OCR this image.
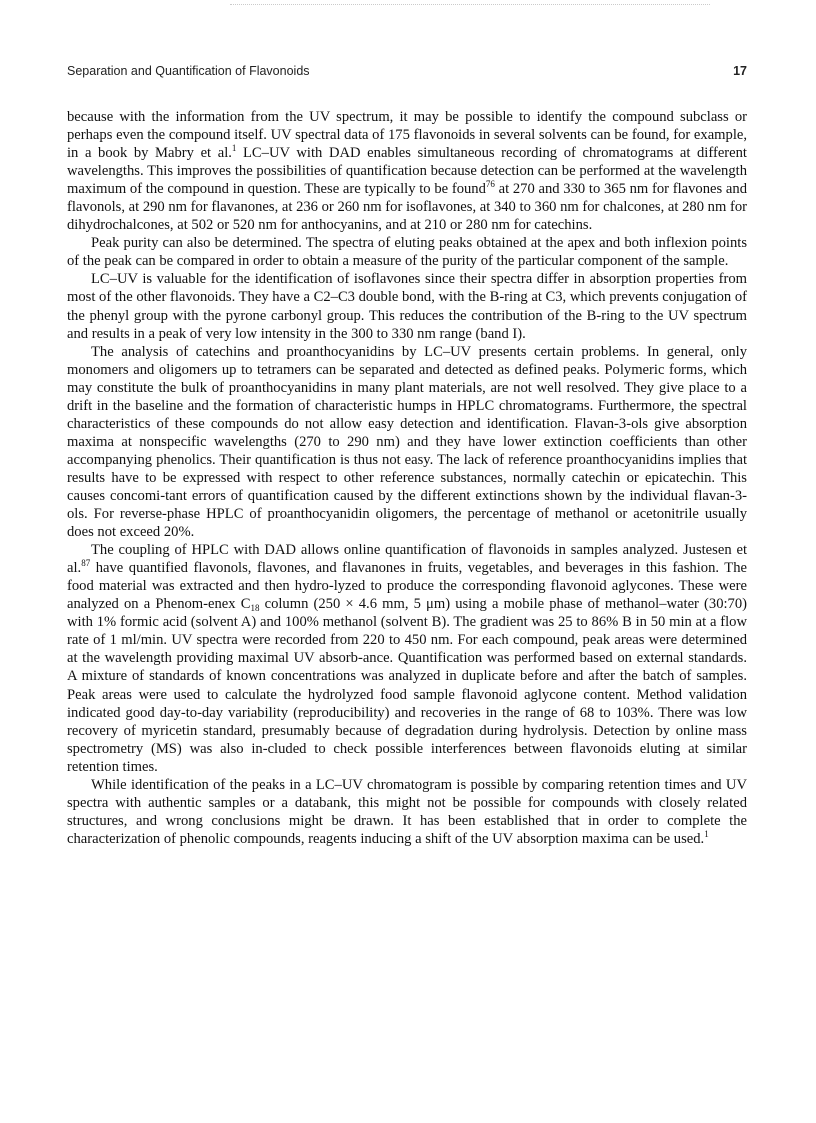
Separation and Quantification of Flavonoids	17

because with the information from the UV spectrum, it may be possible to identify the compound subclass or perhaps even the compound itself. UV spectral data of 175 flavonoids in several solvents can be found, for example, in a book by Mabry et al.$^1$ LC–UV with DAD enables simultaneous recording of chromatograms at different wavelengths. This improves the possibilities of quantification because detection can be performed at the wavelength maximum of the compound in question. These are typically to be found$^{76}$ at 270 and 330 to 365 nm for flavones and flavonols, at 290 nm for flavanones, at 236 or 260 nm for isoflavones, at 340 to 360 nm for chalcones, at 280 nm for dihydrochalcones, at 502 or 520 nm for anthocyanins, and at 210 or 280 nm for catechins.

Peak purity can also be determined. The spectra of eluting peaks obtained at the apex and both inflexion points of the peak can be compared in order to obtain a measure of the purity of the particular component of the sample.

LC–UV is valuable for the identification of isoflavones since their spectra differ in absorption properties from most of the other flavonoids. They have a C2–C3 double bond, with the B-ring at C3, which prevents conjugation of the phenyl group with the pyrone carbonyl group. This reduces the contribution of the B-ring to the UV spectrum and results in a peak of very low intensity in the 300 to 330 nm range (band I).

The analysis of catechins and proanthocyanidins by LC–UV presents certain problems. In general, only monomers and oligomers up to tetramers can be separated and detected as defined peaks. Polymeric forms, which may constitute the bulk of proanthocyanidins in many plant materials, are not well resolved. They give place to a drift in the baseline and the formation of characteristic humps in HPLC chromatograms. Furthermore, the spectral characteristics of these compounds do not allow easy detection and identification. Flavan-3-ols give absorption maxima at nonspecific wavelengths (270 to 290 nm) and they have lower extinction coefficients than other accompanying phenolics. Their quantification is thus not easy. The lack of reference proanthocyanidins implies that results have to be expressed with respect to other reference substances, normally catechin or epicatechin. This causes concomi-tant errors of quantification caused by the different extinctions shown by the individual flavan-3-ols. For reverse-phase HPLC of proanthocyanidin oligomers, the percentage of methanol or acetonitrile usually does not exceed 20%.

The coupling of HPLC with DAD allows online quantification of flavonoids in samples analyzed. Justesen et al.$^{87}$ have quantified flavonols, flavones, and flavanones in fruits, vegetables, and beverages in this fashion. The food material was extracted and then hydro-lyzed to produce the corresponding flavonoid aglycones. These were analyzed on a Phenom-enex $C_{18}$ column (250 × 4.6 mm, 5 μm) using a mobile phase of methanol–water (30:70) with 1% formic acid (solvent A) and 100% methanol (solvent B). The gradient was 25 to 86% B in 50 min at a flow rate of 1 ml/min. UV spectra were recorded from 220 to 450 nm. For each compound, peak areas were determined at the wavelength providing maximal UV absorb-ance. Quantification was performed based on external standards. A mixture of standards of known concentrations was analyzed in duplicate before and after the batch of samples. Peak areas were used to calculate the hydrolyzed food sample flavonoid aglycone content. Method validation indicated good day-to-day variability (reproducibility) and recoveries in the range of 68 to 103%. There was low recovery of myricetin standard, presumably because of degradation during hydrolysis. Detection by online mass spectrometry (MS) was also in-cluded to check possible interferences between flavonoids eluting at similar retention times.

While identification of the peaks in a LC–UV chromatogram is possible by comparing retention times and UV spectra with authentic samples or a databank, this might not be possible for compounds with closely related structures, and wrong conclusions might be drawn. It has been established that in order to complete the characterization of phenolic compounds, reagents inducing a shift of the UV absorption maxima can be used.$^1$
